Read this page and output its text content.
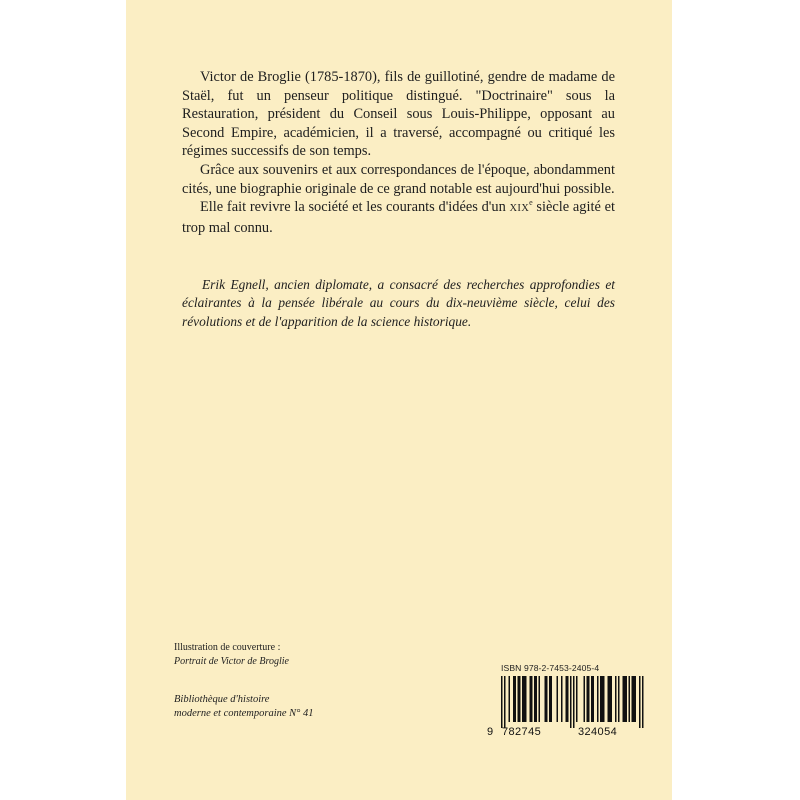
Victor de Broglie (1785-1870), fils de guillotiné, gendre de madame de Staël, fut un penseur politique distingué. "Doctrinaire" sous la Restauration, président du Conseil sous Louis-Philippe, opposant au Second Empire, académicien, il a traversé, accompagné ou critiqué les régimes successifs de son temps.

Grâce aux souvenirs et aux correspondances de l'époque, abondamment cités, une biographie originale de ce grand notable est aujourd'hui possible.

Elle fait revivre la société et les courants d'idées d'un XIXe siècle agité et trop mal connu.

Erik Egnell, ancien diplomate, a consacré des recherches approfondies et éclairantes à la pensée libérale au cours du dix-neuvième siècle, celui des révolutions et de l'apparition de la science historique.
Illustration de couverture :
Portrait de Victor de Broglie
Bibliothèque d'histoire
moderne et contemporaine N° 41
ISBN 978-2-7453-2405-4
9 782745	324054
